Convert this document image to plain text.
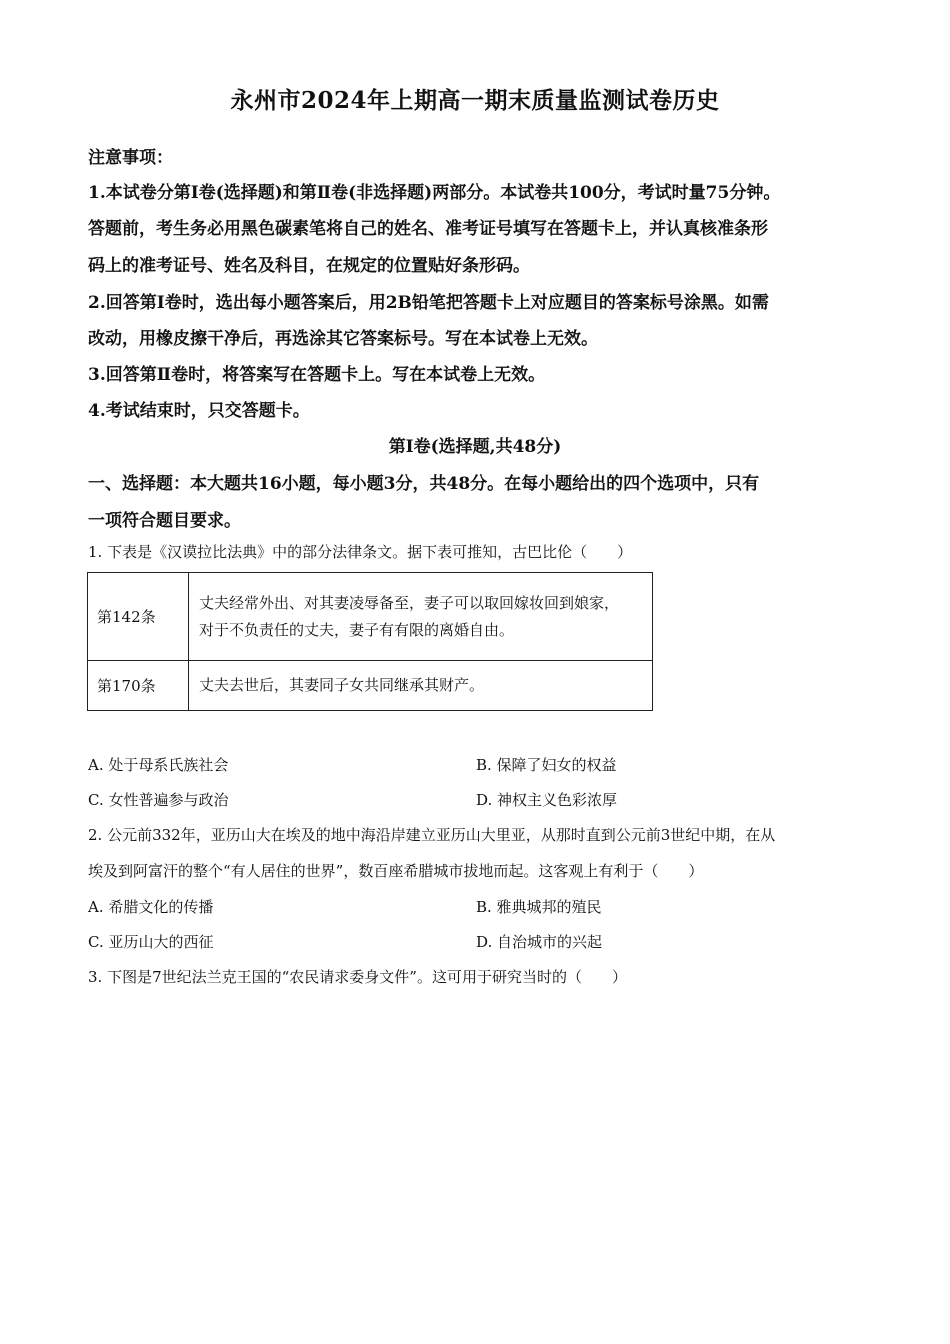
永州市2024年上期高一期末质量监测试卷历史
注意事项：
1.本试卷分第Ⅰ卷(选择题)和第Ⅱ卷(非选择题)两部分。本试卷共100分，考试时量75分钟。
答题前，考生务必用黑色碳素笔将自己的姓名、准考证号填写在答题卡上，并认真核准条形
码上的准考证号、姓名及科目，在规定的位置贴好条形码。
2.回答第Ⅰ卷时，选出每小题答案后，用2B铅笔把答题卡上对应题目的答案标号涂黑。如需
改动，用橡皮擦干净后，再选涂其它答案标号。写在本试卷上无效。
3.回答第Ⅱ卷时，将答案写在答题卡上。写在本试卷上无效。
4.考试结束时，只交答题卡。
第Ⅰ卷(选择题,共48分)
一、选择题：本大题共16小题，每小题3分，共48分。在每小题给出的四个选项中，只有
一项符合题目要求。
1. 下表是《汉谟拉比法典》中的部分法律条文。据下表可推知，古巴比伦（　　）
第142条	丈夫经常外出、对其妻凌辱备至，妻子可以取回嫁妆回到娘家，

对于不负责任的丈夫，妻子有有限的离婚自由。

第170条	丈夫去世后，其妻同子女共同继承其财产。

A. 处于母系氏族社会	B. 保障了妇女的权益
C. 女性普遍参与政治	D. 神权主义色彩浓厚
2. 公元前332年，亚历山大在埃及的地中海沿岸建立亚历山大里亚，从那时直到公元前3世纪中期，在从
埃及到阿富汗的整个“有人居住的世界”，数百座希腊城市拔地而起。这客观上有利于（　　）
A. 希腊文化的传播	B. 雅典城邦的殖民
C. 亚历山大的西征	D. 自治城市的兴起
3. 下图是7世纪法兰克王国的“农民请求委身文件”。这可用于研究当时的（　　）
